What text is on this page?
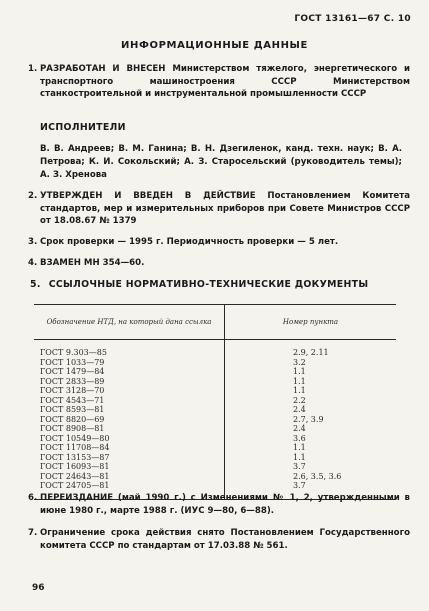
ГОСТ 13161—67 С. 10
ИНФОРМАЦИОННЫЕ ДАННЫЕ
1. РАЗРАБОТАН И ВНЕСЕН Министерством тяжелого, энергетического и транспортного машиностроения СССР Министерством станкостроительной и инструментальной промышленности СССР
ИСПОЛНИТЕЛИ
В. В. Андреев; В. М. Ганина; В. Н. Дзегиленок, канд. техн. наук; В. А. Петрова; К. И. Сокольский; А. З. Старосельский (руководитель темы); А. З. Хренова
2. УТВЕРЖДЕН И ВВЕДЕН В ДЕЙСТВИЕ Постановлением Комитета стандартов, мер и измерительных приборов при Совете Министров СССР от 18.08.67 № 1379
3. Срок проверки — 1995 г. Периодичность проверки — 5 лет.
4. ВЗАМЕН МН 354—60.
5. ССЫЛОЧНЫЕ НОРМАТИВНО-ТЕХНИЧЕСКИЕ ДОКУМЕНТЫ
Обозначение НТД, на который дана ссылка	Номер пункта
ГОСТ 9.303—85	2.9, 2.11
ГОСТ 1033—79	3.2
ГОСТ 1479—84	1.1
ГОСТ 2833—89	1.1
ГОСТ 3128—70	1.1
ГОСТ 4543—71	2.2
ГОСТ 8593—81	2.4
ГОСТ 8820—69	2.7, 3.9
ГОСТ 8908—81	2.4
ГОСТ 10549—80	3.6
ГОСТ 11708—84	1.1
ГОСТ 13153—87	1.1
ГОСТ 16093—81	3.7
ГОСТ 24643—81	2.6, 3.5, 3.6
ГОСТ 24705—81	3.7
6. ПЕРЕИЗДАНИЕ (май 1990 г.) с Изменениями № 1, 2, утвержденными в июне 1980 г., марте 1988 г. (ИУС 9—80, 6—88).
7. Ограничение срока действия снято Постановлением Государственного комитета СССР по стандартам от 17.03.88 № 561.
96
